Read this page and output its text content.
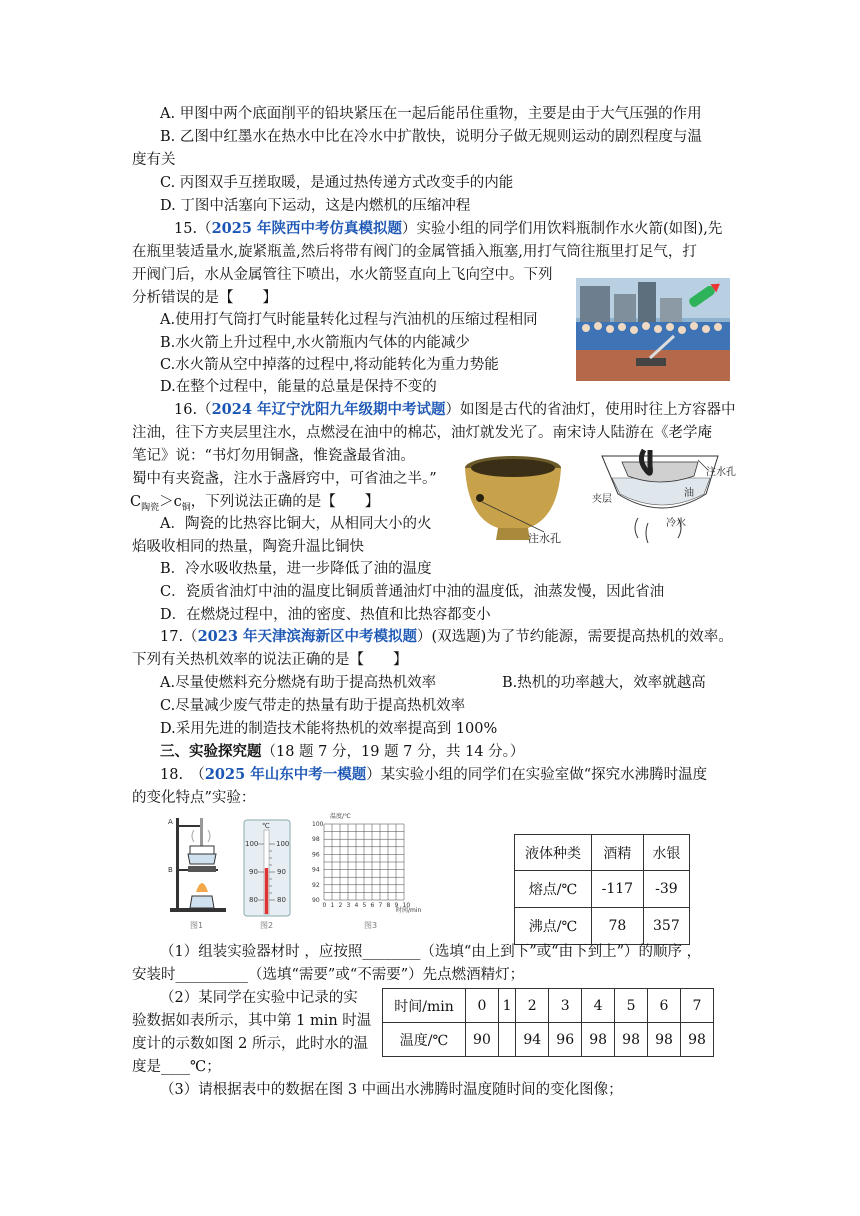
A. 甲图中两个底面削平的铅块紧压在一起后能吊住重物，主要是由于大气压强的作用
B. 乙图中红墨水在热水中比在冷水中扩散快，说明分子做无规则运动的剧烈程度与温
度有关
C. 丙图双手互搓取暖，是通过热传递方式改变手的内能
D. 丁图中活塞向下运动，这是内燃机的压缩冲程
15.（2025 年陕西中考仿真模拟题）实验小组的同学们用饮料瓶制作水火箭(如图),先
在瓶里装适量水,旋紧瓶盖,然后将带有阀门的金属管插入瓶塞,用打气筒往瓶里打足气，打
开阀门后，水从金属管往下喷出，水火箭竖直向上飞向空中。下列
分析错误的是【　　】
A.使用打气筒打气时能量转化过程与汽油机的压缩过程相同
B.水火箭上升过程中,水火箭瓶内气体的内能减少
C.水火箭从空中掉落的过程中,将动能转化为重力势能
D.在整个过程中，能量的总量是保持不变的
16.（2024 年辽宁沈阳九年级期中考试题）如图是古代的省油灯，使用时往上方容器中
注油，往下方夹层里注水，点燃浸在油中的棉芯，油灯就发光了。南宋诗人陆游在《老学庵
笔记》说：“书灯勿用铜盏，惟瓷盏最省油。
蜀中有夹瓷盏，注水于盏唇窍中，可省油之半。”
$C_{陶瓷}>c_铜$，下列说法正确的是【　　】
A．陶瓷的比热容比铜大，从相同大小的火
焰吸收相同的热量，陶瓷升温比铜快
B．冷水吸收热量，进一步降低了油的温度
C．瓷质省油灯中油的温度比铜质普通油灯中油的温度低，油蒸发慢，因此省油
D．在燃烧过程中，油的密度、热值和比热容都变小
注水孔
注水孔
夹层
油
冷水
17.（2023 年天津滨海新区中考模拟题）(双选题)为了节约能源，需要提高热机的效率。
下列有关热机效率的说法正确的是【　　】
A.尽量使燃料充分燃烧有助于提高热机效率	B.热机的功率越大，效率就越高
C.尽量减少废气带走的热量有助于提高热机效率
D.采用先进的制造技术能将热机的效率提高到 100%
三、实验探究题（18 题 7 分，19 题 7 分，共 14 分。）
18.　（2025 年山东中考一模题）某实验小组的同学们在实验室做“探究水沸腾时温度
的变化特点”实验：
A
B
图1
℃
100
90
80
100
90
80
图2
温度/℃
时间/min
100
98
96
94
92
90
0 1 2 3 4 5 6 7 8 9 10
图3
液体种类	酒精	水银
熔点/℃	-117	-39
沸点/℃	78	357
（1）组装实验器材时 ，应按照________（选填“由上到下”或“由下到上”）的顺序 ，
安装时__________（选填“需要”或“不需要”）先点燃酒精灯；
（2）某同学在实验中记录的实
验数据如表所示，其中第 1 min 时温
度计的示数如图 2 所示，此时水的温
度是____℃；
（3）请根据表中的数据在图 3 中画出水沸腾时温度随时间的变化图像；
时间/min	0	1	2	3	4	5	6	7
温度/℃	90		94	96	98	98	98	98
